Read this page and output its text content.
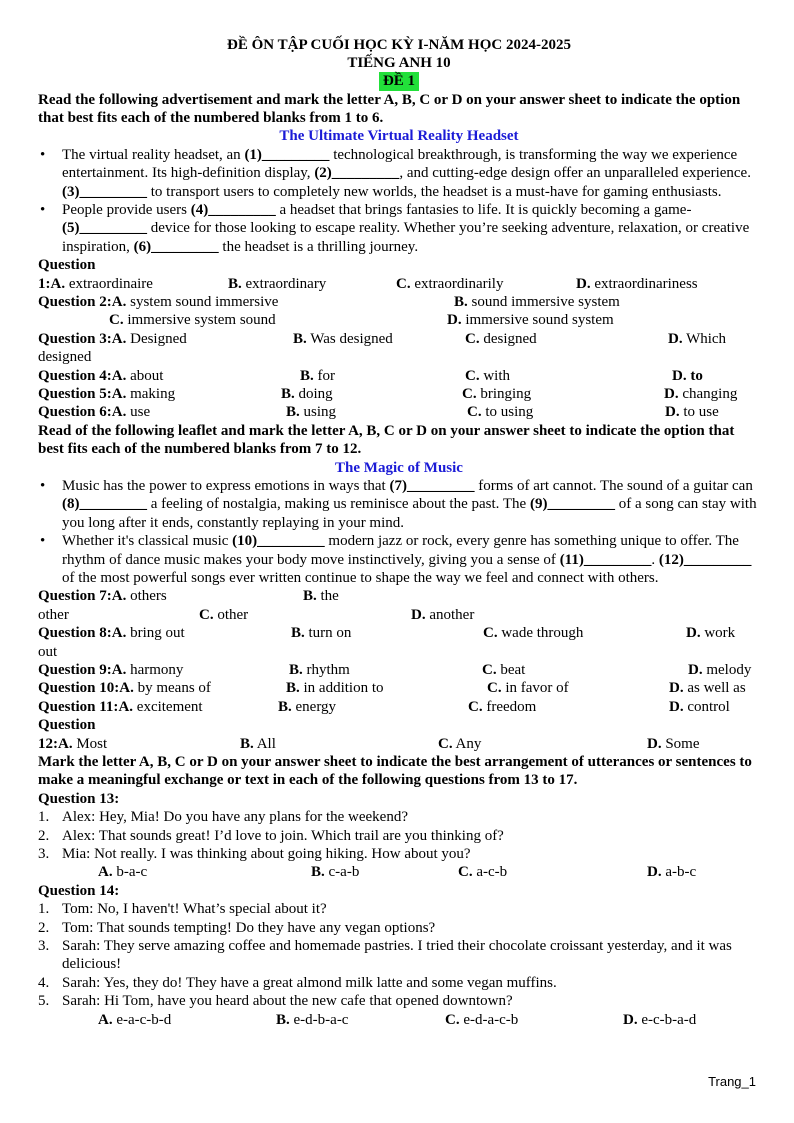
ĐỀ ÔN TẬP CUỐI HỌC KỲ I-NĂM HỌC 2024-2025
TIẾNG ANH 10
ĐỀ 1
Read the following advertisement and mark the letter A, B, C or D on your answer sheet to indicate the option that best fits each of the numbered blanks from 1 to 6.
The Ultimate Virtual Reality Headset
• The virtual reality headset, an (1)_________ technological breakthrough, is transforming the way we experience entertainment. Its high-definition display, (2)_________, and cutting-edge design offer an unparalleled experience. (3)_________ to transport users to completely new worlds, the headset is a must-have for gaming enthusiasts.
• People provide users (4)_________ a headset that brings fantasies to life. It is quickly becoming a game-(5)_________ device for those looking to escape reality. Whether you’re seeking adventure, relaxation, or creative inspiration, (6)_________ the headset is a thrilling journey.
Question
1:A. extraordinaire	B. extraordinary	C. extraordinarily	D. extraordinariness
Question 2:A. system sound immersive	B. sound immersive system
C. immersive system sound	D. immersive sound system
Question 3:A. Designed	B. Was designed	C. designed	D. Which
designed
Question 4:A. about	B. for	C. with	D. to
Question 5:A. making	B. doing	C. bringing	D. changing
Question 6:A. use	B. using	C. to using	D. to use
Read of the following leaflet and mark the letter A, B, C or D on your answer sheet to indicate the option that best fits each of the numbered blanks from 7 to 12.
The Magic of Music
• Music has the power to express emotions in ways that (7)_________ forms of art cannot. The sound of a guitar can (8)_________ a feeling of nostalgia, making us reminisce about the past. The (9)_________ of a song can stay with you long after it ends, constantly replaying in your mind.
• Whether it's classical music (10)_________ modern jazz or rock, every genre has something unique to offer. The rhythm of dance music makes your body move instinctively, giving you a sense of (11)_________. (12)_________ of the most powerful songs ever written continue to shape the way we feel and connect with others.
Question 7:A. others	B. the
other	C. other	D. another
Question 8:A. bring out	B. turn on	C. wade through	D. work
out
Question 9:A. harmony	B. rhythm	C. beat	D. melody
Question 10:A. by means of	B. in addition to	C. in favor of	D. as well as
Question 11:A. excitement	B. energy	C. freedom	D. control
Question
12:A. Most	B. All	C. Any	D. Some
Mark the letter A, B, C or D on your answer sheet to indicate the best arrangement of utterances or sentences to make a meaningful exchange or text in each of the following questions from 13 to 17.
Question 13:
1. Alex: Hey, Mia! Do you have any plans for the weekend?
2. Alex: That sounds great! I’d love to join. Which trail are you thinking of?
3. Mia: Not really. I was thinking about going hiking. How about you?
A. b-a-c	B. c-a-b	C. a-c-b	D. a-b-c
Question 14:
1. Tom: No, I haven't! What’s special about it?
2. Tom: That sounds tempting! Do they have any vegan options?
3. Sarah: They serve amazing coffee and homemade pastries. I tried their chocolate croissant yesterday, and it was delicious!
4. Sarah: Yes, they do! They have a great almond milk latte and some vegan muffins.
5. Sarah: Hi Tom, have you heard about the new cafe that opened downtown?
A. e-a-c-b-d	B. e-d-b-a-c	C. e-d-a-c-b	D. e-c-b-a-d
Trang_1
